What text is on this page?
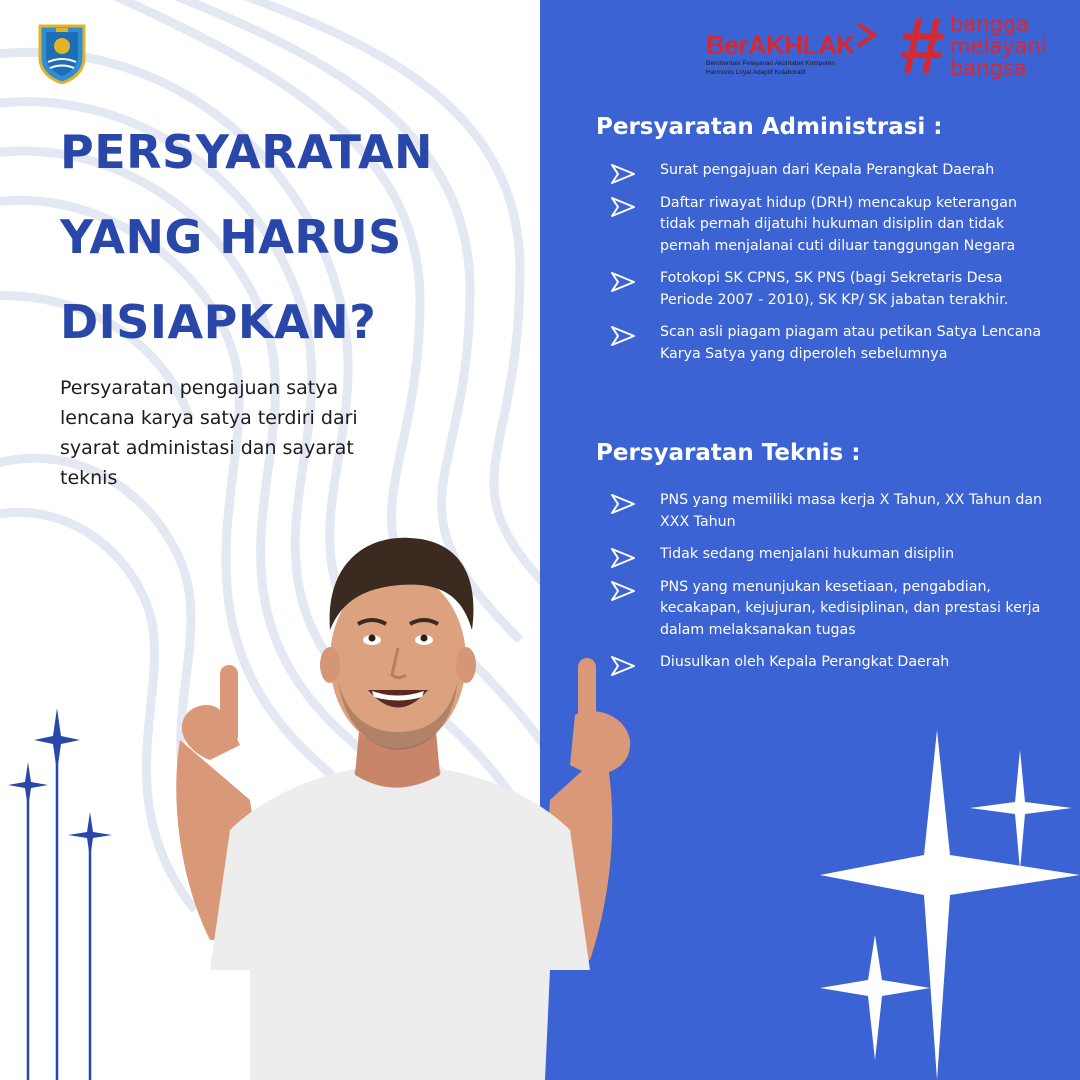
PERSYARATAN YANG HARUS DISIAPKAN?

Persyaratan pengajuan satya lencana karya satya terdiri dari syarat administasi dan sayarat teknis

BerAKHLAK
Berorientasi Pelayanan Akuntabel Kompeten
Harmonis Loyal Adaptif Kolaboratif # bangga
melayani
bangsa
Persyaratan Administrasi :
Surat pengajuan dari Kepala Perangkat Daerah
Daftar riwayat hidup (DRH) mencakup keterangan tidak pernah dijatuhi hukuman disiplin dan tidak pernah menjalanai cuti diluar tanggungan Negara
Fotokopi SK CPNS, SK PNS (bagi Sekretaris Desa Periode 2007 - 2010), SK KP/ SK jabatan terakhir.
Scan asli piagam piagam atau petikan Satya Lencana Karya Satya yang diperoleh sebelumnya
Persyaratan Teknis :
PNS yang memiliki masa kerja X Tahun, XX Tahun dan XXX Tahun
Tidak sedang menjalani hukuman disiplin
PNS yang menunjukan kesetiaan, pengabdian, kecakapan, kejujuran, kedisiplinan, dan prestasi kerja dalam melaksanakan tugas
Diusulkan oleh Kepala Perangkat Daerah
